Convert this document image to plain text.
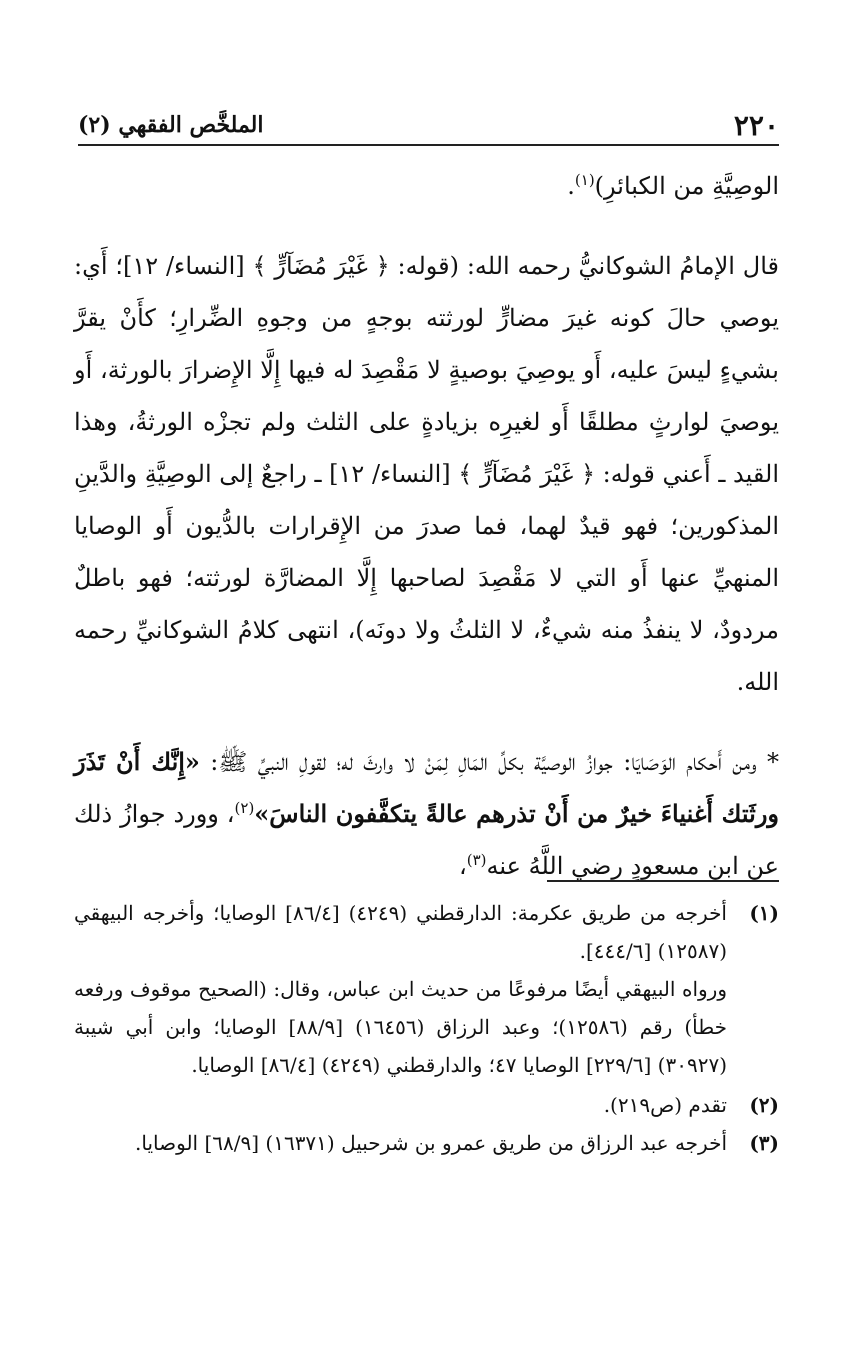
الملخَّص الفقهي (٢)	٢٢٠

الوصِيَّةِ من الكبائرِ)$^{(١)}$.

قال الإمامُ الشوكانيُّ رحمه الله: (قوله: ﴿ غَيْرَ مُضَآرٍّ ﴾ [النساء/ ١٢]؛ أَي: يوصي حالَ كونه غيرَ مضارٍّ لورثته بوجهٍ من وجوهِ الضِّرارِ؛ كأَنْ يقرَّ بشيءٍ ليسَ عليه، أَو يوصِيَ بوصيةٍ لا مَقْصِدَ له فيها إِلَّا الإِضرارَ بالورثة، أَو يوصيَ لوارثٍ مطلقًا أَو لغيرِه بزيادةٍ على الثلث ولم تجزْه الورثةُ، وهذا القيد ـ أَعني قوله: ﴿ غَيْرَ مُضَآرٍّ ﴾ [النساء/ ١٢] ـ راجعٌ إلى الوصِيَّةِ والدَّينِ المذكورين؛ فهو قيدٌ لهما، فما صدرَ من الإِقرارات بالدُّيون أَو الوصايا المنهيِّ عنها أَو التي لا مَقْصِدَ لصاحبها إِلَّا المضارَّة لورثته؛ فهو باطلٌ مردودٌ، لا ينفذُ منه شيءٌ، لا الثلثُ ولا دونَه)، انتهى كلامُ الشوكانيِّ رحمه الله.

* ومن أَحكام الوَصَايَا: جوازُ الوصيَّة بكلِّ المَالِ لِمَنْ لا وارثَ له؛ لقولِ النبيِّ ﷺ: «إِنَّك أَنْ تَذَرَ ورثَتك أَغنياءَ خيرٌ من أَنْ تذرهم عالةً يتكفَّفون الناسَ»$^{(٢)}$، وورد جوازُ ذلك عن ابن مسعودٍ رضي اللَّهُ عنه$^{(٣)}$،

(١)
أخرجه من طريق عكرمة: الدارقطني (٤٢٤٩) [٨٦/٤] الوصايا؛ وأخرجه البيهقي (١٢٥٨٧) [٤٤٤/٦].
ورواه البيهقي أيضًا مرفوعًا من حديث ابن عباس، وقال: (الصحيح موقوف ورفعه خطأ) رقم (١٢٥٨٦)؛ وعبد الرزاق (١٦٤٥٦) [٨٨/٩] الوصايا؛ وابن أبي شيبة (٣٠٩٢٧) [٢٢٩/٦] الوصايا ٤٧؛ والدارقطني (٤٢٤٩) [٨٦/٤] الوصايا.
(٢)
تقدم (ص٢١٩).
(٣)
أخرجه عبد الرزاق من طريق عمرو بن شرحبيل (١٦٣٧١) [٦٨/٩] الوصايا.
